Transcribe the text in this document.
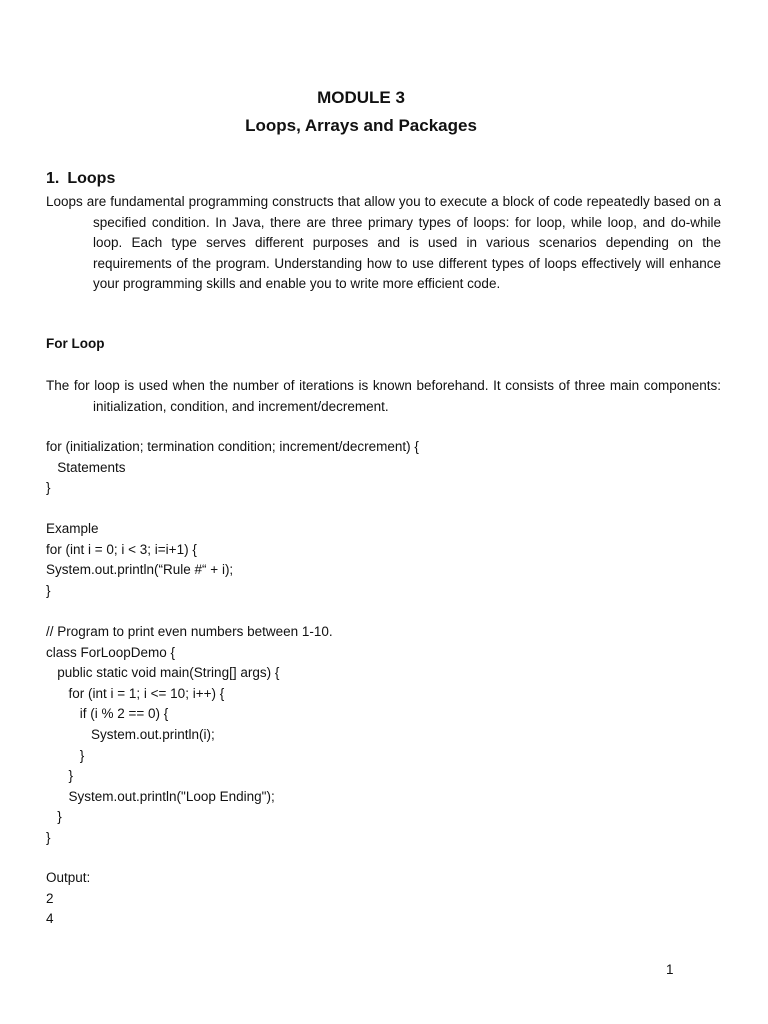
MODULE 3
Loops, Arrays and Packages
1. Loops

Loops are fundamental programming constructs that allow you to execute a block of code repeatedly based on a specified condition. In Java, there are three primary types of loops: for loop, while loop, and do-while loop. Each type serves different purposes and is used in various scenarios depending on the requirements of the program. Understanding how to use different types of loops effectively will enhance your programming skills and enable you to write more efficient code.

For Loop

The for loop is used when the number of iterations is known beforehand. It consists of three main components: initialization, condition, and increment/decrement.

for (initialization; termination condition; increment/decrement) {
Statements
}
Example
for (int i = 0; i < 3; i=i+1) {
System.out.println(“Rule #“ + i);
}
// Program to print even numbers between 1-10.
class ForLoopDemo {
public static void main(String[] args) {
for (int i = 1; i <= 10; i++) {
if (i % 2 == 0) {
System.out.println(i);
}
}
System.out.println("Loop Ending");
}
}
Output:
2
4

1
